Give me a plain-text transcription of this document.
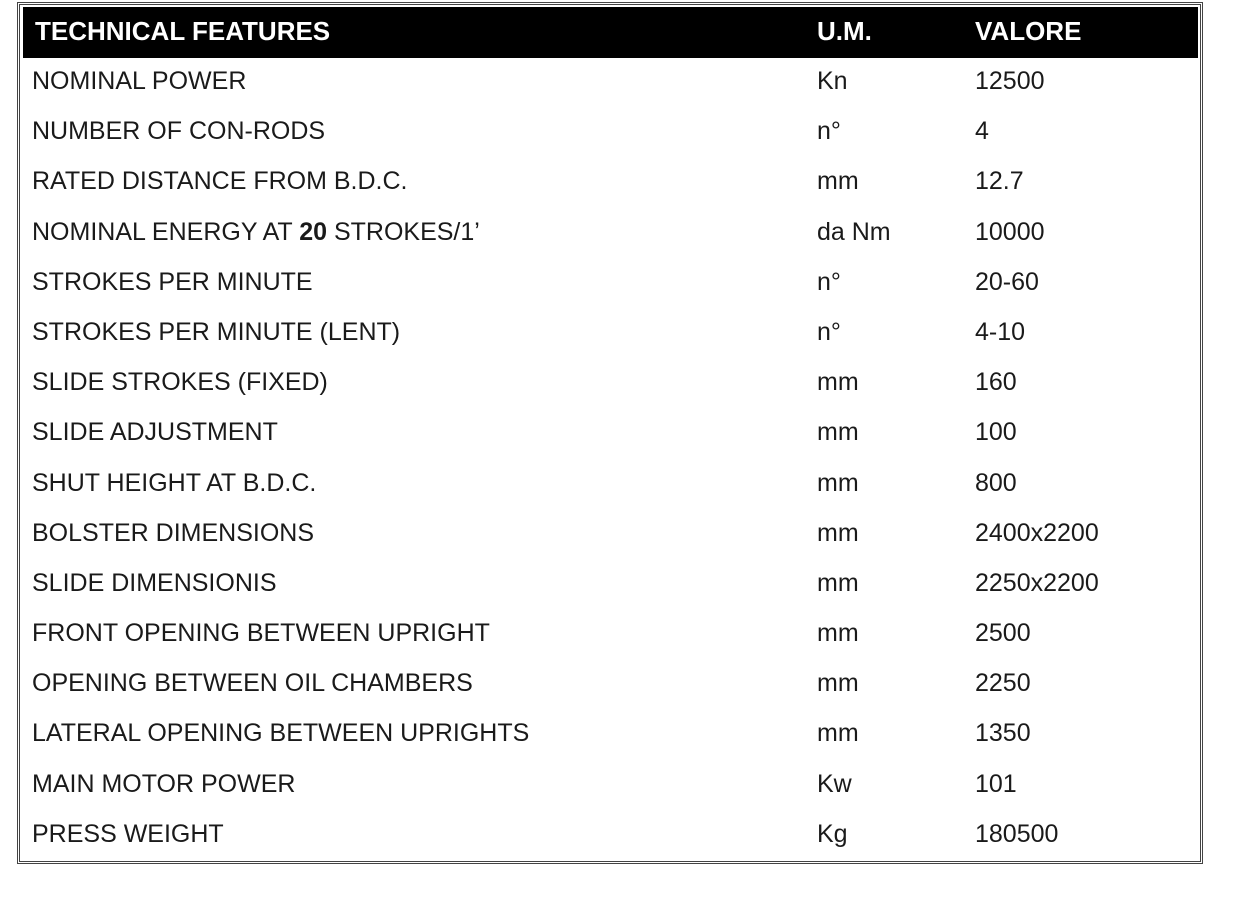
TECHNICAL FEATURES	U.M.	VALORE
NOMINAL POWER	Kn	12500
NUMBER OF CON-RODS	n°	4
RATED DISTANCE FROM B.D.C.	mm	12.7
NOMINAL ENERGY AT 20 STROKES/1’	da Nm	10000
STROKES PER MINUTE	n°	20-60
STROKES PER MINUTE (LENT)	n°	4-10
SLIDE STROKES (FIXED)	mm	160
SLIDE ADJUSTMENT	mm	100
SHUT HEIGHT AT B.D.C.	mm	800
BOLSTER DIMENSIONS	mm	2400x2200
SLIDE DIMENSIONIS	mm	2250x2200
FRONT OPENING BETWEEN UPRIGHT	mm	2500
OPENING BETWEEN OIL CHAMBERS	mm	2250
LATERAL OPENING BETWEEN UPRIGHTS	mm	1350
MAIN MOTOR POWER	Kw	101
PRESS WEIGHT	Kg	180500
